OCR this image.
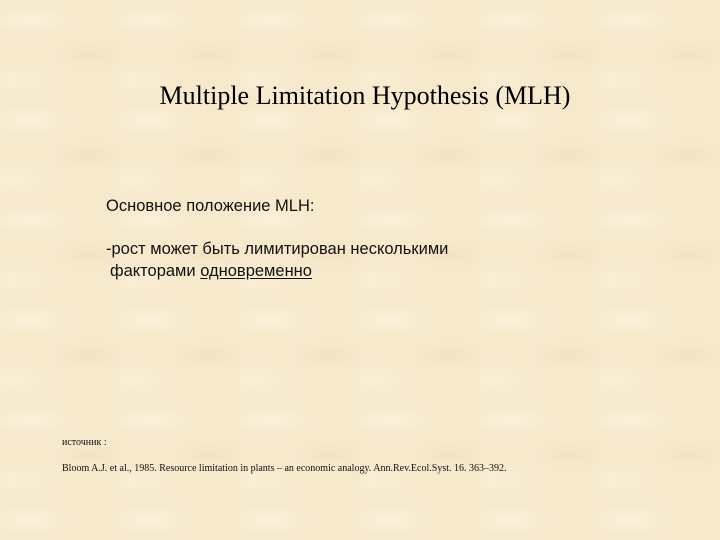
Multiple Limitation Hypothesis (MLH)
Основное положение MLH:
-рост может быть лимитирован несколькими
факторами одновременно
источник :
Bloom A.J. et al., 1985. Resource limitation in plants – an economic analogy. Ann.Rev.Ecol.Syst. 16. 363–392.
